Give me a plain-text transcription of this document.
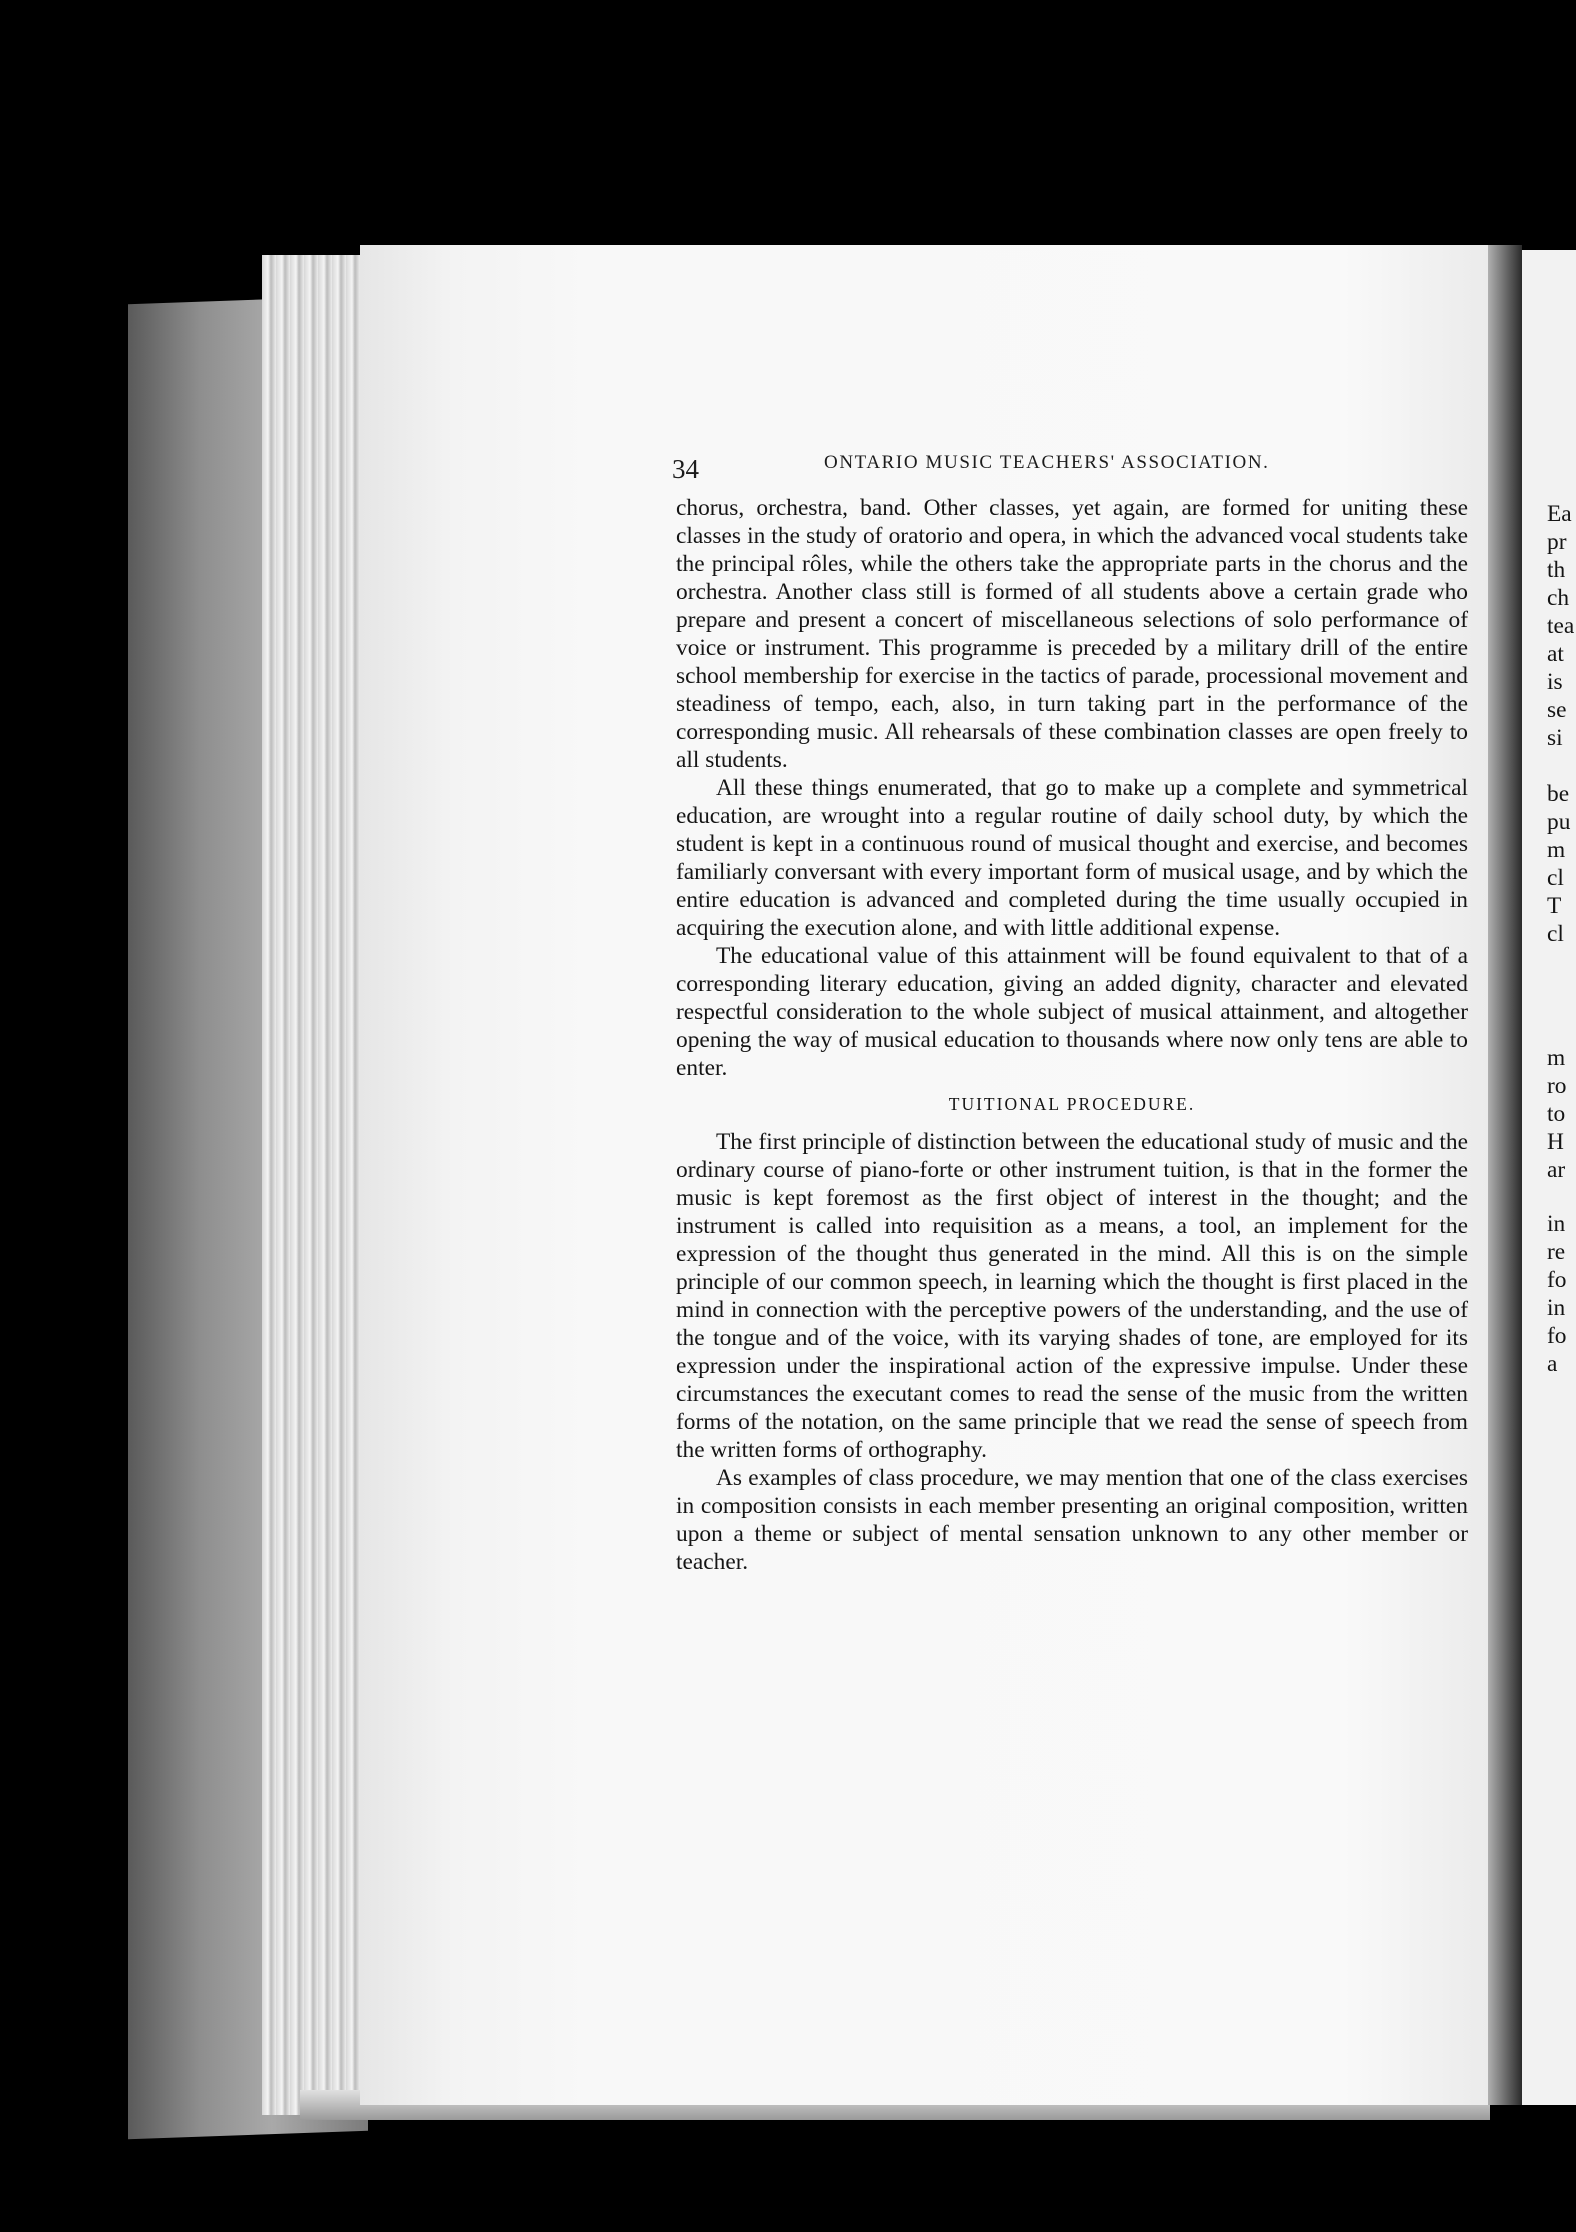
34	ONTARIO MUSIC TEACHERS' ASSOCIATION.

chorus, orchestra, band. Other classes, yet again, are formed for uniting these classes in the study of oratorio and opera, in which the advanced vocal students take the principal rôles, while the others take the appropriate parts in the chorus and the orchestra. Another class still is formed of all students above a certain grade who prepare and present a concert of miscellaneous selections of solo performance of voice or instrument. This programme is preceded by a military drill of the entire school membership for exercise in the tactics of parade, processional movement and steadiness of tempo, each, also, in turn taking part in the performance of the corresponding music. All rehearsals of these combination classes are open freely to all students.

All these things enumerated, that go to make up a complete and symmetrical education, are wrought into a regular routine of daily school duty, by which the student is kept in a continuous round of musical thought and exercise, and becomes familiarly conversant with every important form of musical usage, and by which the entire education is advanced and completed during the time usually occupied in acquiring the execution alone, and with little additional expense.

The educational value of this attainment will be found equivalent to that of a corresponding literary education, giving an added dignity, character and elevated respectful consideration to the whole subject of musical attainment, and altogether opening the way of musical education to thousands where now only tens are able to enter.

TUITIONAL PROCEDURE.

The first principle of distinction between the educational study of music and the ordinary course of piano-forte or other instrument tuition, is that in the former the music is kept foremost as the first object of interest in the thought; and the instrument is called into requisition as a means, a tool, an implement for the expression of the thought thus generated in the mind. All this is on the simple principle of our common speech, in learning which the thought is first placed in the mind in connection with the perceptive powers of the understanding, and the use of the tongue and of the voice, with its varying shades of tone, are employed for its expression under the inspirational action of the expressive impulse. Under these circumstances the executant comes to read the sense of the music from the written forms of the notation, on the same principle that we read the sense of speech from the written forms of orthography.

As examples of class procedure, we may mention that one of the class exercises in composition consists in each member presenting an original composition, written upon a theme or subject of mental sensation unknown to any other member or teacher.

Ea
pr
th
ch
tea
at
is
se
si
be
pu
m
cl
T
cl
m
ro
to
H
ar
in
re
fo
in
fo
a
